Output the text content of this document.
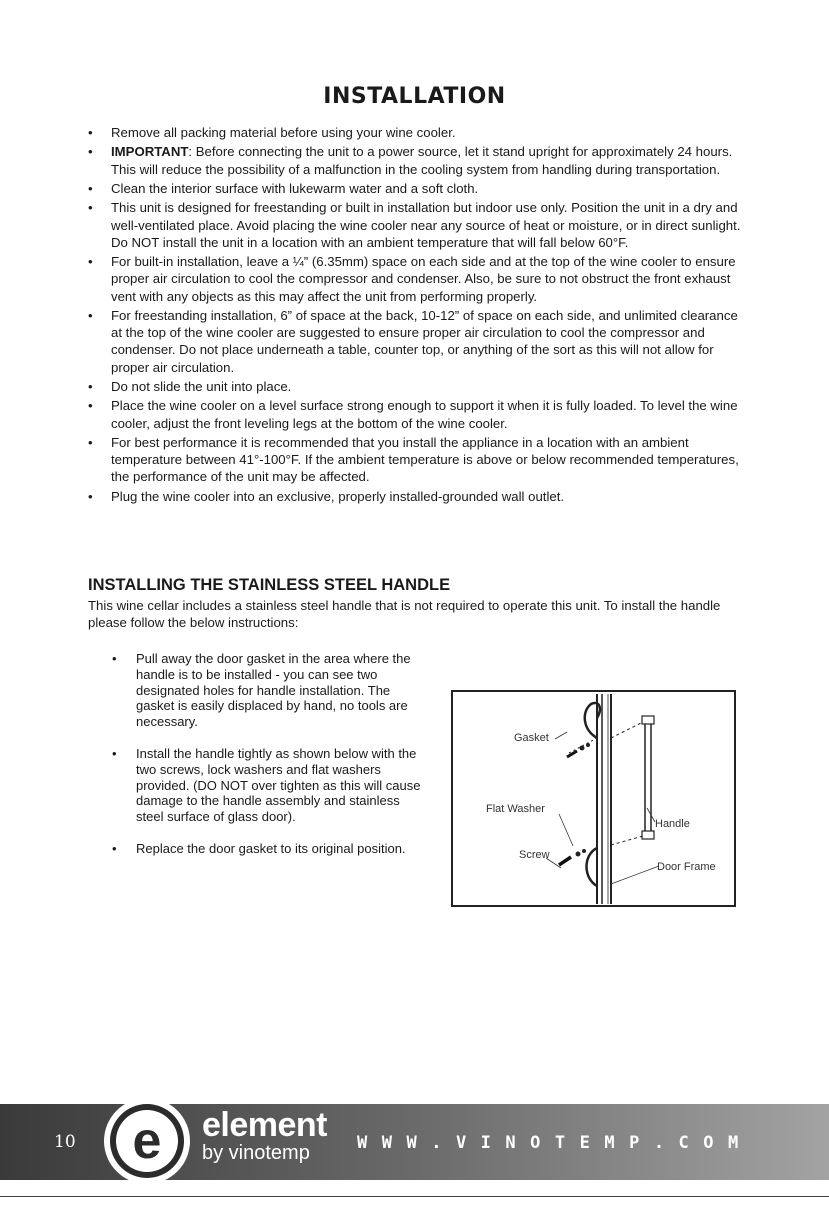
INSTALLATION
• Remove all packing material before using your wine cooler.
• IMPORTANT: Before connecting the unit to a power source, let it stand upright for approximately 24 hours. This will reduce the possibility of a malfunction in the cooling system from handling during transportation.
• Clean the interior surface with lukewarm water and a soft cloth.
• This unit is designed for freestanding or built in installation but indoor use only. Position the unit in a dry and well-ventilated place. Avoid placing the wine cooler near any source of heat or moisture, or in direct sunlight. Do NOT install the unit in a location with an ambient temperature that will fall below 60°F.
• For built-in installation, leave a ¼” (6.35mm) space on each side and at the top of the wine cooler to ensure proper air circulation to cool the compressor and condenser. Also, be sure to not obstruct the front exhaust vent with any objects as this may affect the unit from performing properly.
• For freestanding installation, 6” of space at the back, 10-12” of space on each side, and unlimited clearance at the top of the wine cooler are suggested to ensure proper air circulation to cool the compressor and condenser. Do not place underneath a table, counter top, or anything of the sort as this will not allow for proper air circulation.
• Do not slide the unit into place.
• Place the wine cooler on a level surface strong enough to support it when it is fully loaded. To level the wine cooler, adjust the front leveling legs at the bottom of the wine cooler.
• For best performance it is recommended that you install the appliance in a location with an ambient temperature between 41°-100°F. If the ambient temperature is above or below recommended temperatures, the performance of the unit may be affected.
• Plug the wine cooler into an exclusive, properly installed-grounded wall outlet.
INSTALLING THE STAINLESS STEEL HANDLE

This wine cellar includes a stainless steel handle that is not required to operate this unit. To install the handle please follow the below instructions:

• Pull away the door gasket in the area where the handle is to be installed - you can see two designated holes for handle installation. The gasket is easily displaced by hand, no tools are necessary.
• Install the handle tightly as shown below with the two screws, lock washers and flat washers provided. (DO NOT over tighten as this will cause damage to the handle assembly and stainless steel surface of glass door).
• Replace the door gasket to its original position.
Gasket
Flat Washer
Handle
Screw
Door Frame
10 e element
by vinotemp	WWW.VINOTEMP.COM
